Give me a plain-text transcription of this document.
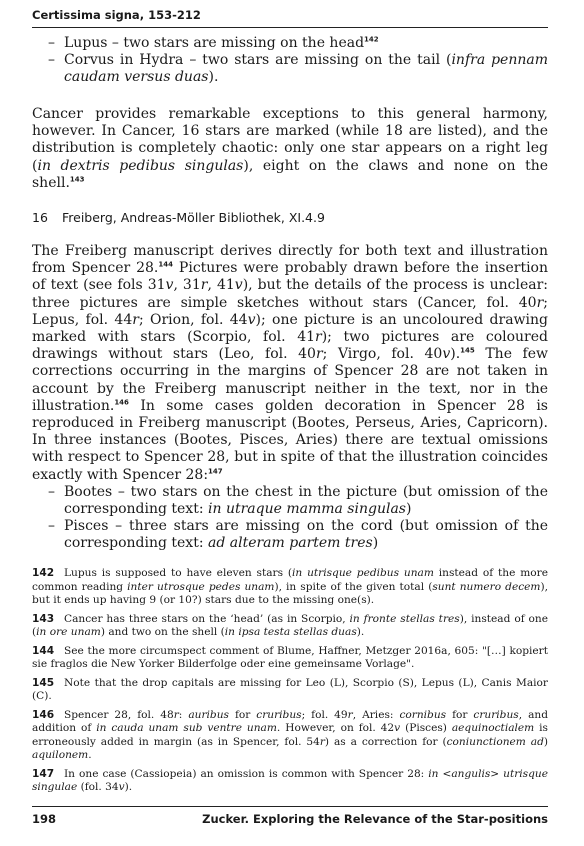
Certissima signa, 153-212
– Lupus – two stars are missing on the head$^{142}$
– Corvus in Hydra – two stars are missing on the tail (infra pennam caudam versus duas).

Cancer provides remarkable exceptions to this general harmony, however. In Cancer, 16 stars are marked (while 18 are listed), and the distribution is completely chaotic: only one star appears on a right leg (in dextris pedibus singulas), eight on the claws and none on the shell.$^{143}$

16 Freiberg, Andreas-Möller Bibliothek, XI.4.9

The Freiberg manuscript derives directly for both text and illustration from Spencer 28.$^{144}$ Pictures were probably drawn before the insertion of text (see fols 31v, 31r, 41v), but the details of the process is unclear: three pictures are simple sketches without stars (Cancer, fol. 40r; Lepus, fol. 44r; Orion, fol. 44v); one picture is an uncoloured drawing marked with stars (Scorpio, fol. 41r); two pictures are coloured drawings without stars (Leo, fol. 40r; Virgo, fol. 40v).$^{145}$ The few corrections occurring in the margins of Spencer 28 are not taken in account by the Freiberg manuscript neither in the text, nor in the illustration.$^{146}$ In some cases golden decoration in Spencer 28 is reproduced in Freiberg manuscript (Bootes, Perseus, Aries, Capricorn). In three instances (Bootes, Pisces, Aries) there are textual omissions with respect to Spencer 28, but in spite of that the illustration coincides exactly with Spencer 28:$^{147}$

– Bootes – two stars on the chest in the picture (but omission of the corresponding text: in utraque mamma singulas)
– Pisces – three stars are missing on the cord (but omission of the corresponding text: ad alteram partem tres)
142 Lupus is supposed to have eleven stars (in utrisque pedibus unam instead of the more common reading inter utrosque pedes unam), in spite of the given total (sunt numero decem), but it ends up having 9 (or 10?) stars due to the missing one(s).
143 Cancer has three stars on the ‘head’ (as in Scorpio, in fronte stellas tres), instead of one (in ore unam) and two on the shell (in ipsa testa stellas duas).
144 See the more circumspect comment of Blume, Haffner, Metzger 2016a, 605: "[…] kopiert sie fraglos die New Yorker Bilderfolge oder eine gemeinsame Vorlage".
145 Note that the drop capitals are missing for Leo (L), Scorpio (S), Lepus (L), Canis Maior (C).
146 Spencer 28, fol. 48r: auribus for cruribus; fol. 49r, Aries: cornibus for cruribus, and addition of in cauda unam sub ventre unam. However, on fol. 42v (Pisces) aequinoctialem is erroneously added in margin (as in Spencer, fol. 54r) as a correction for (coniunctionem ad) aquilonem.
147 In one case (Cassiopeia) an omission is common with Spencer 28: in <angulis> utrisque singulae (fol. 34v).
198	Zucker. Exploring the Relevance of the Star-positions
